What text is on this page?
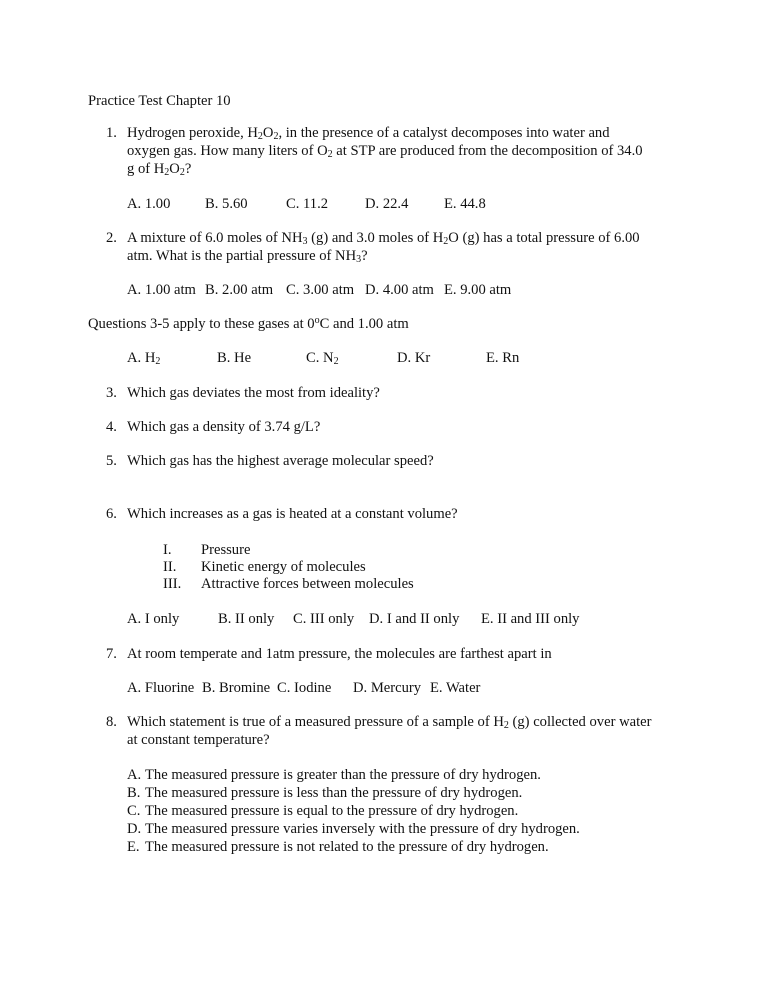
Practice Test Chapter 10
1. Hydrogen peroxide, $H_2O_2$, in the presence of a catalyst decomposes into water and
oxygen gas. How many liters of $O_2$ at STP are produced from the decomposition of 34.0
g of $H_2O_2$?
A. 1.00 B. 5.60	C. 11.2	D. 22.4 E. 44.8
2. A mixture of 6.0 moles of $NH_3$ (g) and 3.0 moles of $H_2O$ (g) has a total pressure of 6.00
atm. What is the partial pressure of $NH_3$?
A. 1.00 atm B. 2.00 atm C. 3.00 atm D. 4.00 atm E. 9.00 atm
Questions 3-5 apply to these gases at 0$^o$C and 1.00 atm
A. $H_2$	B. He	C. $N_2$	D. Kr	E. Rn
3. Which gas deviates the most from ideality?
4. Which gas a density of 3.74 g/L?
5. Which gas has the highest average molecular speed?
6. Which increases as a gas is heated at a constant volume?
I. Pressure
II. Kinetic energy of molecules
III. Attractive forces between molecules
A. I only	B. II only C. III only D. I and II only E. II and III only
7. At room temperate and 1atm pressure, the molecules are farthest apart in
A. Fluorine B. Bromine C. Iodine D. Mercury E. Water
8. Which statement is true of a measured pressure of a sample of $H_2$ (g) collected over water
at constant temperature?
A. The measured pressure is greater than the pressure of dry hydrogen.
B. The measured pressure is less than the pressure of dry hydrogen.
C. The measured pressure is equal to the pressure of dry hydrogen.
D. The measured pressure varies inversely with the pressure of dry hydrogen.
E. The measured pressure is not related to the pressure of dry hydrogen.
